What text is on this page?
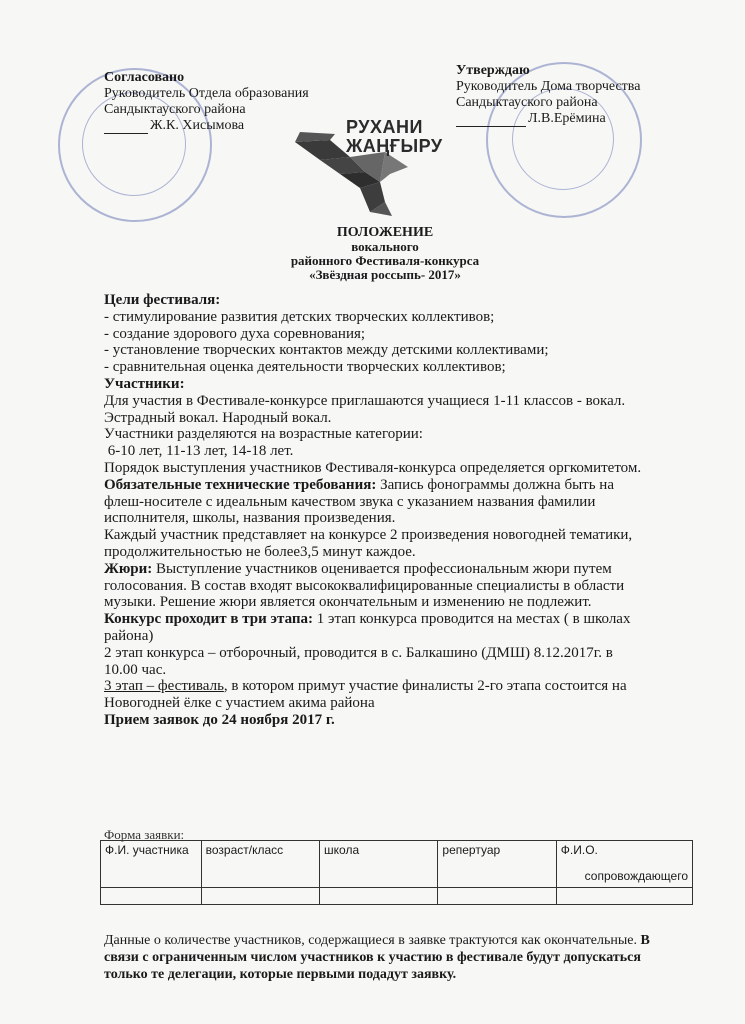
Согласовано
Руководитель Отдела образования
Сандыктауского района
Ж.К. Хисымова
Утверждаю
Руководитель Дома творчества
Сандыктауского района
Л.В.Ерёмина
РУХАНИ
ЖАҢҒЫРУ
ПОЛОЖЕНИЕ
вокального
районного Фестиваля-конкурса
«Звёздная россыпь- 2017»

Цели фестиваля:

- стимулирование развития детских творческих коллективов;

- создание здорового духа соревнования;

- установление творческих контактов между детскими коллективами;

- сравнительная оценка деятельности творческих коллективов;

Участники:

Для участия в Фестивале-конкурсе приглашаются учащиеся 1-11 классов - вокал. Эстрадный вокал. Народный вокал.

Участники разделяются на возрастные категории:

6-10 лет, 11-13 лет, 14-18 лет.

Порядок выступления участников Фестиваля-конкурса определяется оргкомитетом.

Обязательные технические требования: Запись фонограммы должна быть на флеш-носителе с идеальным качеством звука с указанием названия фамилии исполнителя, школы, названия произведения.

Каждый участник представляет на конкурсе 2 произведения новогодней тематики, продолжительностью не более3,5 минут каждое.

Жюри: Выступление участников оценивается профессиональным жюри путем голосования. В состав входят высококвалифицированные специалисты в области музыки. Решение жюри является окончательным и изменению не подлежит.

Конкурс проходит в три этапа: 1 этап конкурса проводится на местах ( в школах района)

2 этап конкурса – отборочный, проводится в с. Балкашино (ДМШ) 8.12.2017г. в 10.00 час.

3 этап – фестиваль, в котором примут участие финалисты 2-го этапа состоится на Новогодней ёлке с участием акима района

Прием заявок до 24 ноября 2017 г.

Форма заявки:
Ф.И. участника	возраст/класс	школа	репертуар	Ф.И.О.
сопровождающего

Данные о количестве участников, содержащиеся в заявке трактуются как окончательные. В связи с ограниченным числом участников к участию в фестивале будут допускаться только те делегации, которые первыми подадут заявку.
